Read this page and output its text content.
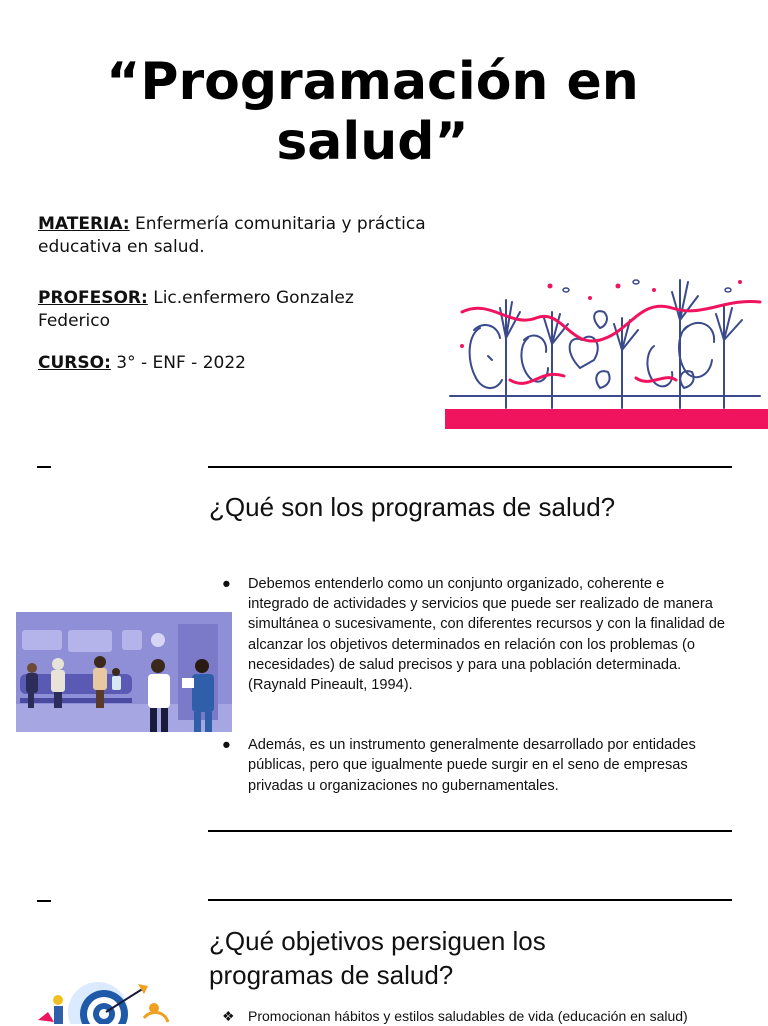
“Programación en
salud”
MATERIA: Enfermería comunitaria y práctica
educativa en salud.
PROFESOR: Lic.enfermero Gonzalez
Federico
CURSO: 3° - ENF - 2022
¿Qué son los programas de salud?
● Debemos entenderlo como un conjunto organizado, coherente e integrado de actividades y servicios que puede ser realizado de manera simultánea o sucesivamente, con diferentes recursos y con la finalidad de alcanzar los objetivos determinados en relación con los problemas (o necesidades) de salud precisos y para una población determinada. (Raynald Pineault, 1994).
● Además, es un instrumento generalmente desarrollado por entidades públicas, pero que igualmente puede surgir en el seno de empresas privadas u organizaciones no gubernamentales.
¿Qué objetivos persiguen los
programas de salud?
❖ Promocionan hábitos y estilos saludables de vida (educación en salud)
